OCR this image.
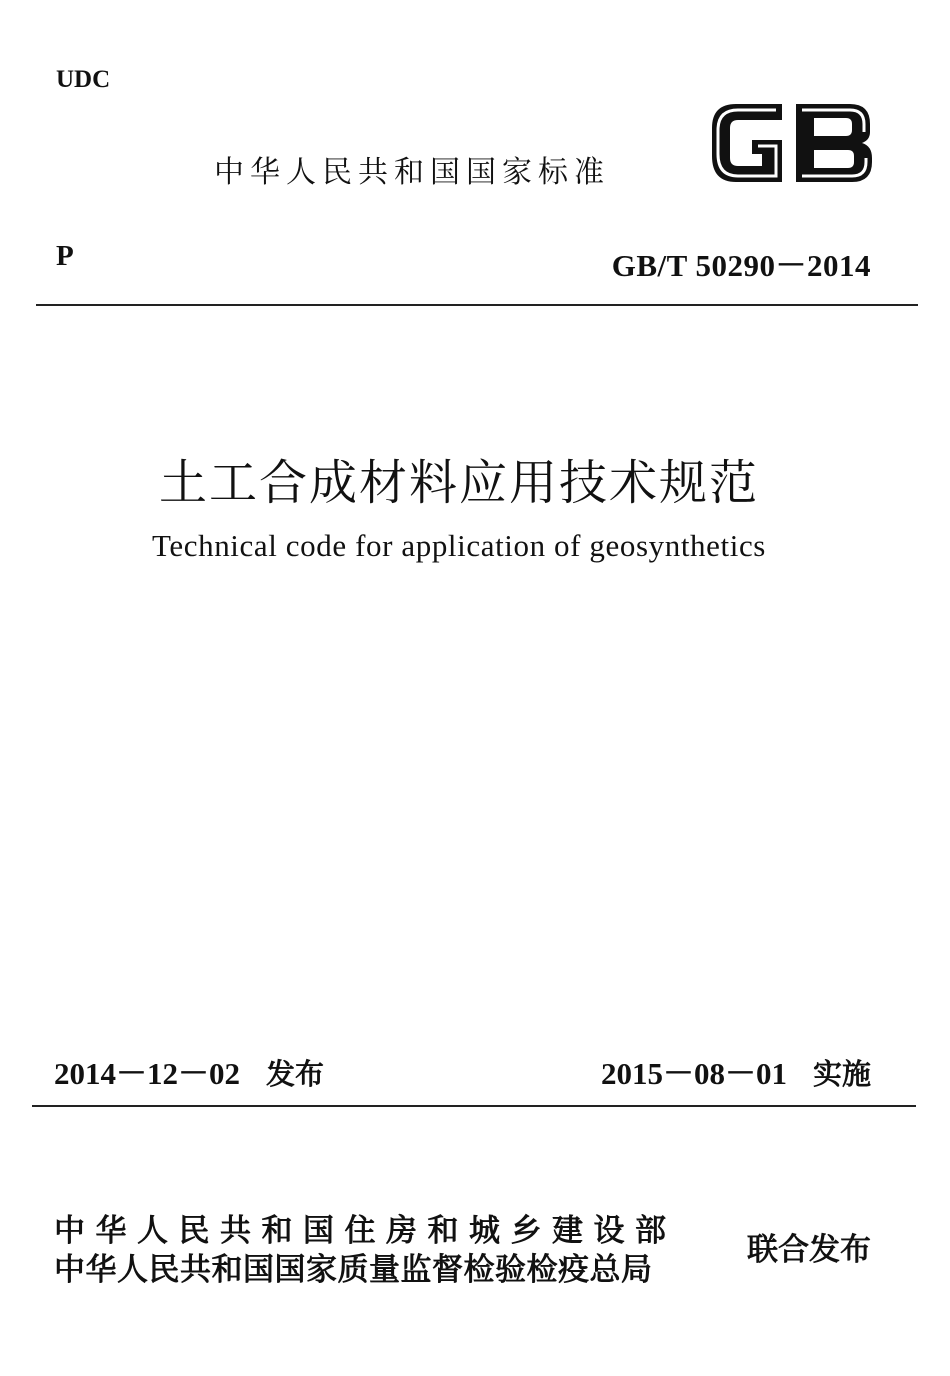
UDC
中华人民共和国国家标准
P	GB/T 50290－2014
土工合成材料应用技术规范
Technical code for application of geosynthetics
2014－12－02 发布	2015－08－01 实施
中华人民共和国住房和城乡建设部
中华人民共和国国家质量监督检验检疫总局
联合发布
